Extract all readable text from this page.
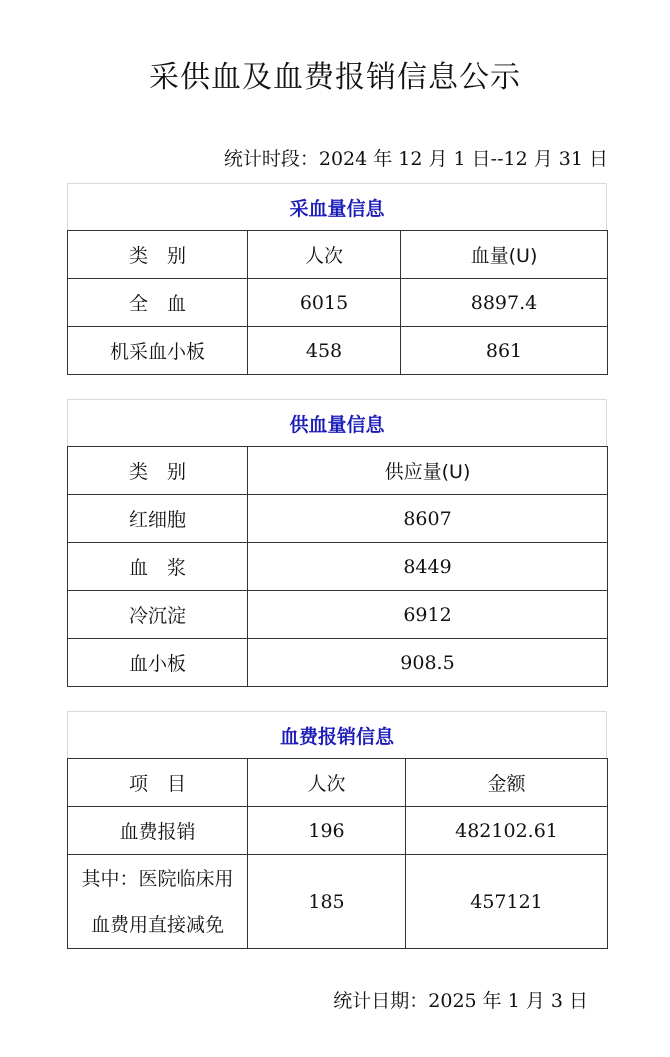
采供血及血费报销信息公示
统计时段：2024 年 12 月 1 日--12 月 31 日
采血量信息
类　别	人次	血量(U)
全　血	6015	8897.4
机采血小板	458	861
供血量信息
类　别	供应量(U)
红细胞	8607
血　浆	8449
冷沉淀	6912
血小板	908.5
血费报销信息
项　目	人次	金额
血费报销	196	482102.61

其中：医院临床用
血费用直接减免	185	457121
统计日期：2025 年 1 月 3 日
